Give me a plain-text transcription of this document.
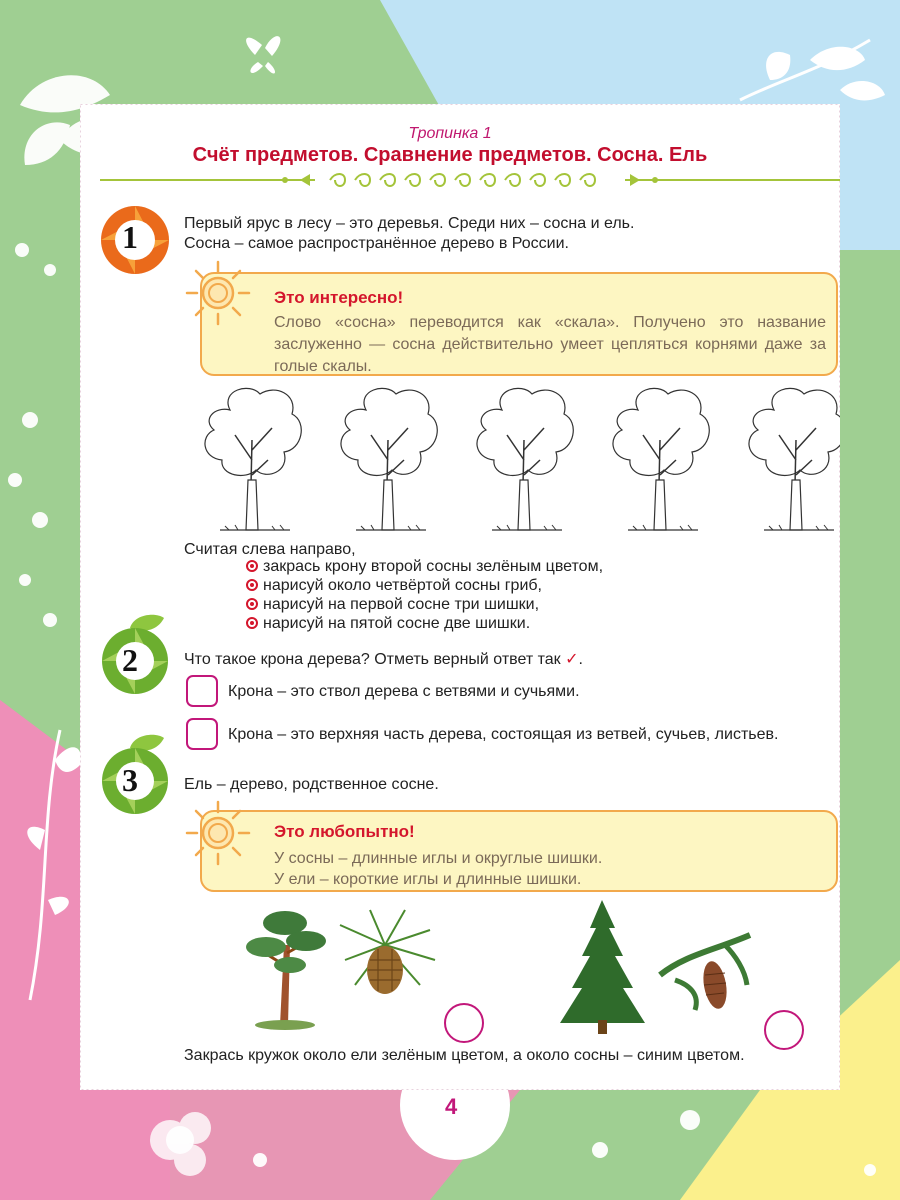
Тропинка 1
Счёт предметов. Сравнение предметов. Сосна. Ель
1	Первый ярус в лесу – это деревья. Среди них – сосна и ель.
Сосна – самое распространённое дерево в России.
Это интересно!
Слово «сосна» переводится как «скала». Получено это название заслуженно — сосна действительно умеет цепляться корнями даже за голые скалы.
Считая слева направо,
закрась крону второй сосны зелёным цветом,
нарисуй около четвёртой сосны гриб,
нарисуй на первой сосне три шишки,
нарисуй на пятой сосне две шишки.
2	Что такое крона дерева? Отметь верный ответ так ✓.
Крона – это ствол дерева с ветвями и сучьями.
Крона – это верхняя часть дерева, состоящая из ветвей, сучьев, листьев.
3	Ель – дерево, родственное сосне.
Это любопытно!
У сосны – длинные иглы и округлые шишки.
У ели – короткие иглы и длинные шишки.
Закрась кружок около ели зелёным цветом, а около сосны – синим цветом.
4
